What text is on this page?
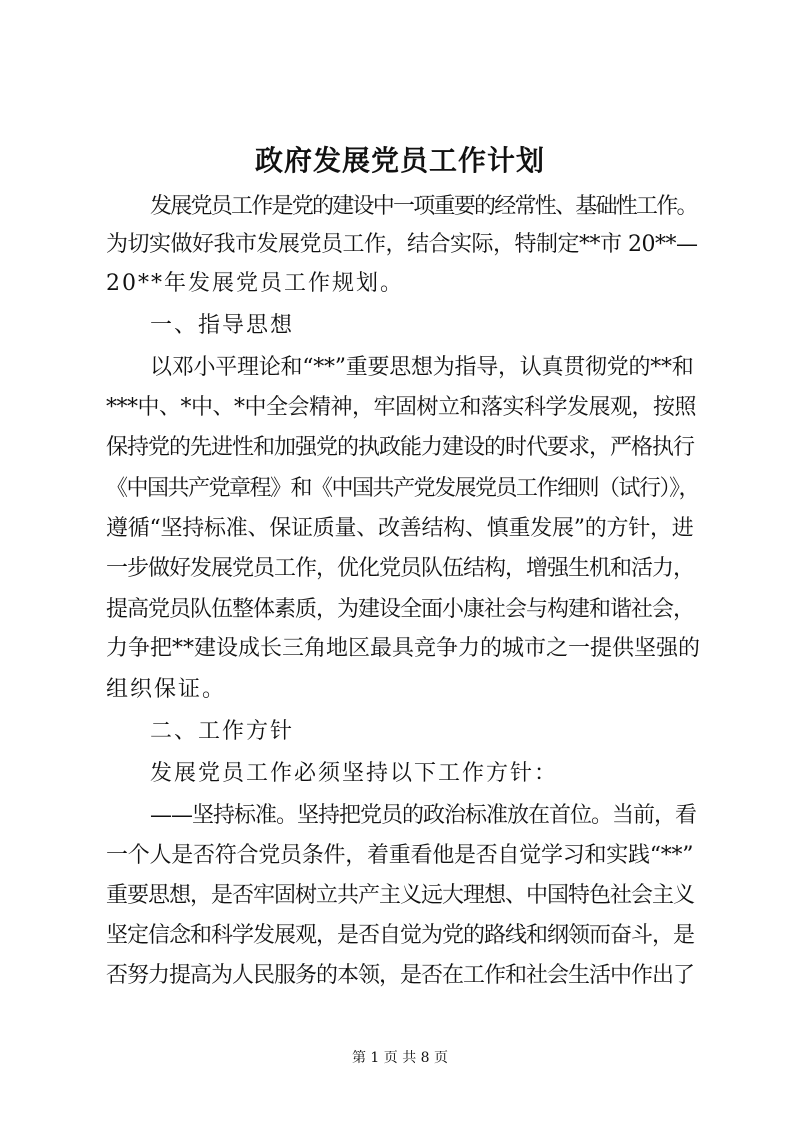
政府发展党员工作计划
发展党员工作是党的建设中一项重要的经常性、基础性工作。
为切实做好我市发展党员工作，结合实际，特制定**市 20**—
20**年发展党员工作规划。
一、指导思想
以邓小平理论和“**”重要思想为指导，认真贯彻党的**和
***中、*中、*中全会精神，牢固树立和落实科学发展观，按照
保持党的先进性和加强党的执政能力建设的时代要求，严格执行
《中国共产党章程》和《中国共产党发展党员工作细则（试行）》，
遵循“坚持标准、保证质量、改善结构、慎重发展”的方针，进
一步做好发展党员工作，优化党员队伍结构，增强生机和活力，
提高党员队伍整体素质，为建设全面小康社会与构建和谐社会，
力争把**建设成长三角地区最具竞争力的城市之一提供坚强的
组织保证。
二、工作方针
发展党员工作必须坚持以下工作方针：
——坚持标准。坚持把党员的政治标准放在首位。当前，看
一个人是否符合党员条件，着重看他是否自觉学习和实践“**”
重要思想，是否牢固树立共产主义远大理想、中国特色社会主义
坚定信念和科学发展观，是否自觉为党的路线和纲领而奋斗，是
否努力提高为人民服务的本领，是否在工作和社会生活中作出了
第 1 页 共 8 页
